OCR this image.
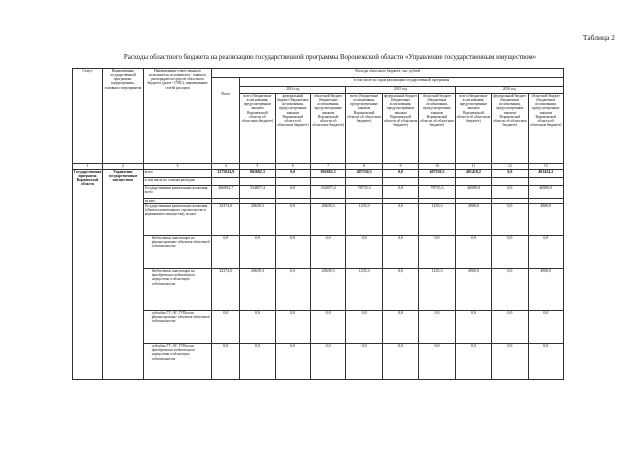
Таблица 2
Расходы областного бюджета на реализацию государственной программы Воронежской области «Управление государственным имуществом»
Статус	Наименование государственной программы, подпрограммы, основного мероприятия	Наименование ответственного исполнителя, исполнителя - главного распорядителя средств областного бюджета (далее - ГРБС), наименование статей расходов	Расходы областного бюджета, тыс. рублей									
			Всего	в том числе по годам реализации государственной программы								
				2014 год			2015 год			2016 год		
				всего (бюджетные ассигнования, предусмотренные законом Воронежской области об областном бюджете)	федеральный бюджет (бюджетные ассигнования, предусмотренные законом Воронежской области об областном бюджете)	областной бюджет (бюджетные ассигнования, предусмотренные законом Воронежской области об областном бюджете)	всего (бюджетные ассигнования, предусмотренные законом Воронежской области об областном бюджете)	федеральный бюджет (бюджетные ассигнования, предусмотренные законом Воронежской области об областном бюджете)	областной бюджет (бюджетные ассигнования, предусмотренные законом Воронежской области об областном бюджете)	всего (бюджетные ассигнования, предусмотренные законом Воронежской области об областном бюджете)	федеральный бюджет (бюджетные ассигнования, предусмотренные законом Воронежской области об областном бюджете)	областной бюджет (бюджетные ассигнования, предусмотренные законом Воронежской области об областном бюджете)
1	2	3	4	5	6	7	8	9	10	11	12	13
Государственная программа Воронежской области	Управление государственным имуществом	всего	3275024,9	802682,3	0,0	802682,3	407530,3	0,0	407530,3	481410,2	0,0	481454,2
		в том числе по статьям расходов:										
		Государственные капитальные вложения, всего	466092,7	334857,4	0,0	334857,4	78735,3	0,0	78735,3	46900,0	0,0	46900,0
		из них:										
		Государственные капитальные вложения (объекты капитального строительства и недвижимого имущества), из них:	32374,6	20639,3	0,0	20639,3	1235,3	0,0	1235,3	4900,0	0,0	4900,0
		бюджетные инвестиции на финансирование объектов областной собственности	0,0	0,0	0,0	0,0	0,0	0,0	0,0	0,0	0,0	0,0
		бюджетные инвестиции на приобретение недвижимого имущества в областную собственность	32374,6	20639,3	0,0	20639,3	1235,3	0,0	1235,3	4900,0	0,0	4900,0
		субсидии ГУ, АУ, ГУПам на финансирование объектов областной собственности	0,0	0,0	0,0	0,0	0,0	0,0	0,0	0,0	0,0	0,0
		субсидии ГУ, АУ, ГУПам на приобретение недвижимого имущества в областную собственность	0,0	0,0	0,0	0,0	0,0	0,0	0,0	0,0	0,0	0,0
